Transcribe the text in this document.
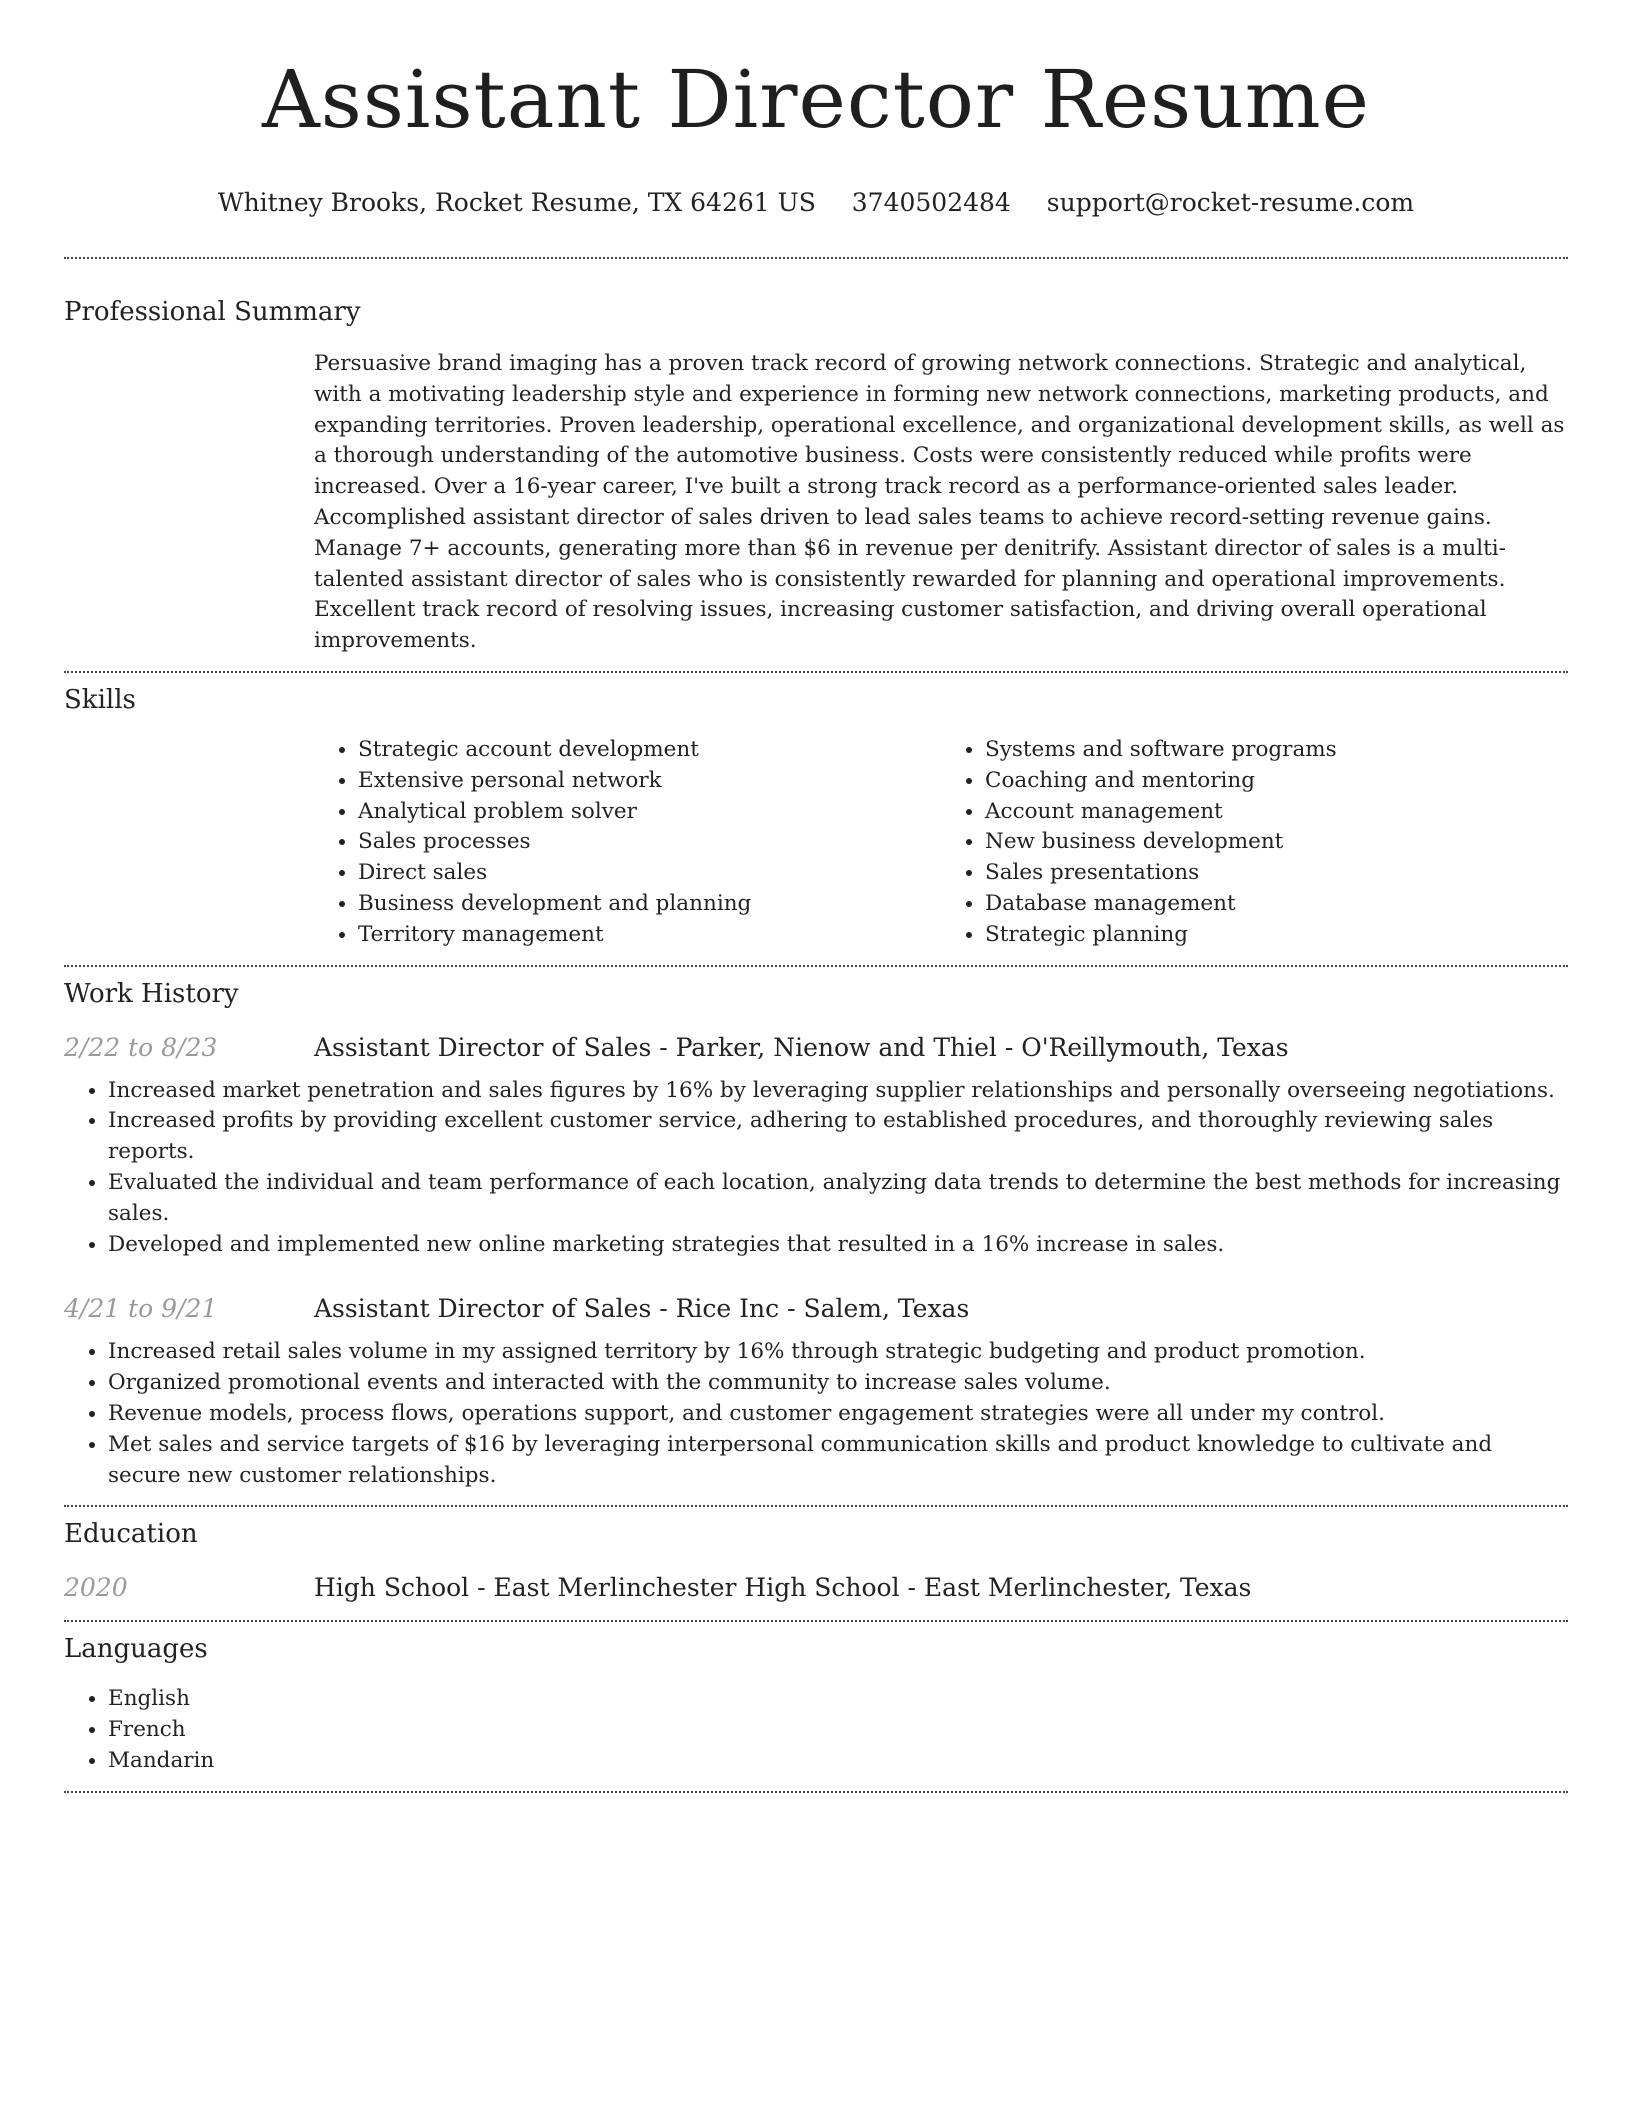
Assistant Director Resume
Whitney Brooks, Rocket Resume, TX 64261 US 3740502484 support@rocket-resume.com
Professional Summary
Persuasive brand imaging has a proven track record of growing network connections. Strategic and analytical, with a motivating leadership style and experience in forming new network connections, marketing products, and expanding territories. Proven leadership, operational excellence, and organizational development skills, as well as a thorough understanding of the automotive business. Costs were consistently reduced while profits were increased. Over a 16-year career, I've built a strong track record as a performance-oriented sales leader. Accomplished assistant director of sales driven to lead sales teams to achieve record-setting revenue gains. Manage 7+ accounts, generating more than $6 in revenue per denitrify. Assistant director of sales is a multi-talented assistant director of sales who is consistently rewarded for planning and operational improvements. Excellent track record of resolving issues, increasing customer satisfaction, and driving overall operational improvements.
Skills
• Strategic account development
• Extensive personal network
• Analytical problem solver
• Sales processes
• Direct sales
• Business development and planning
• Territory management
• Systems and software programs
• Coaching and mentoring
• Account management
• New business development
• Sales presentations
• Database management
• Strategic planning
Work History
2/22 to 8/23	Assistant Director of Sales - Parker, Nienow and Thiel - O'Reillymouth, Texas
• Increased market penetration and sales figures by 16% by leveraging supplier relationships and personally overseeing negotiations.
• Increased profits by providing excellent customer service, adhering to established procedures, and thoroughly reviewing sales reports.
• Evaluated the individual and team performance of each location, analyzing data trends to determine the best methods for increasing sales.
• Developed and implemented new online marketing strategies that resulted in a 16% increase in sales.
4/21 to 9/21	Assistant Director of Sales - Rice Inc - Salem, Texas
• Increased retail sales volume in my assigned territory by 16% through strategic budgeting and product promotion.
• Organized promotional events and interacted with the community to increase sales volume.
• Revenue models, process flows, operations support, and customer engagement strategies were all under my control.
• Met sales and service targets of $16 by leveraging interpersonal communication skills and product knowledge to cultivate and secure new customer relationships.
Education
2020	High School - East Merlinchester High School - East Merlinchester, Texas
Languages
• English
• French
• Mandarin
